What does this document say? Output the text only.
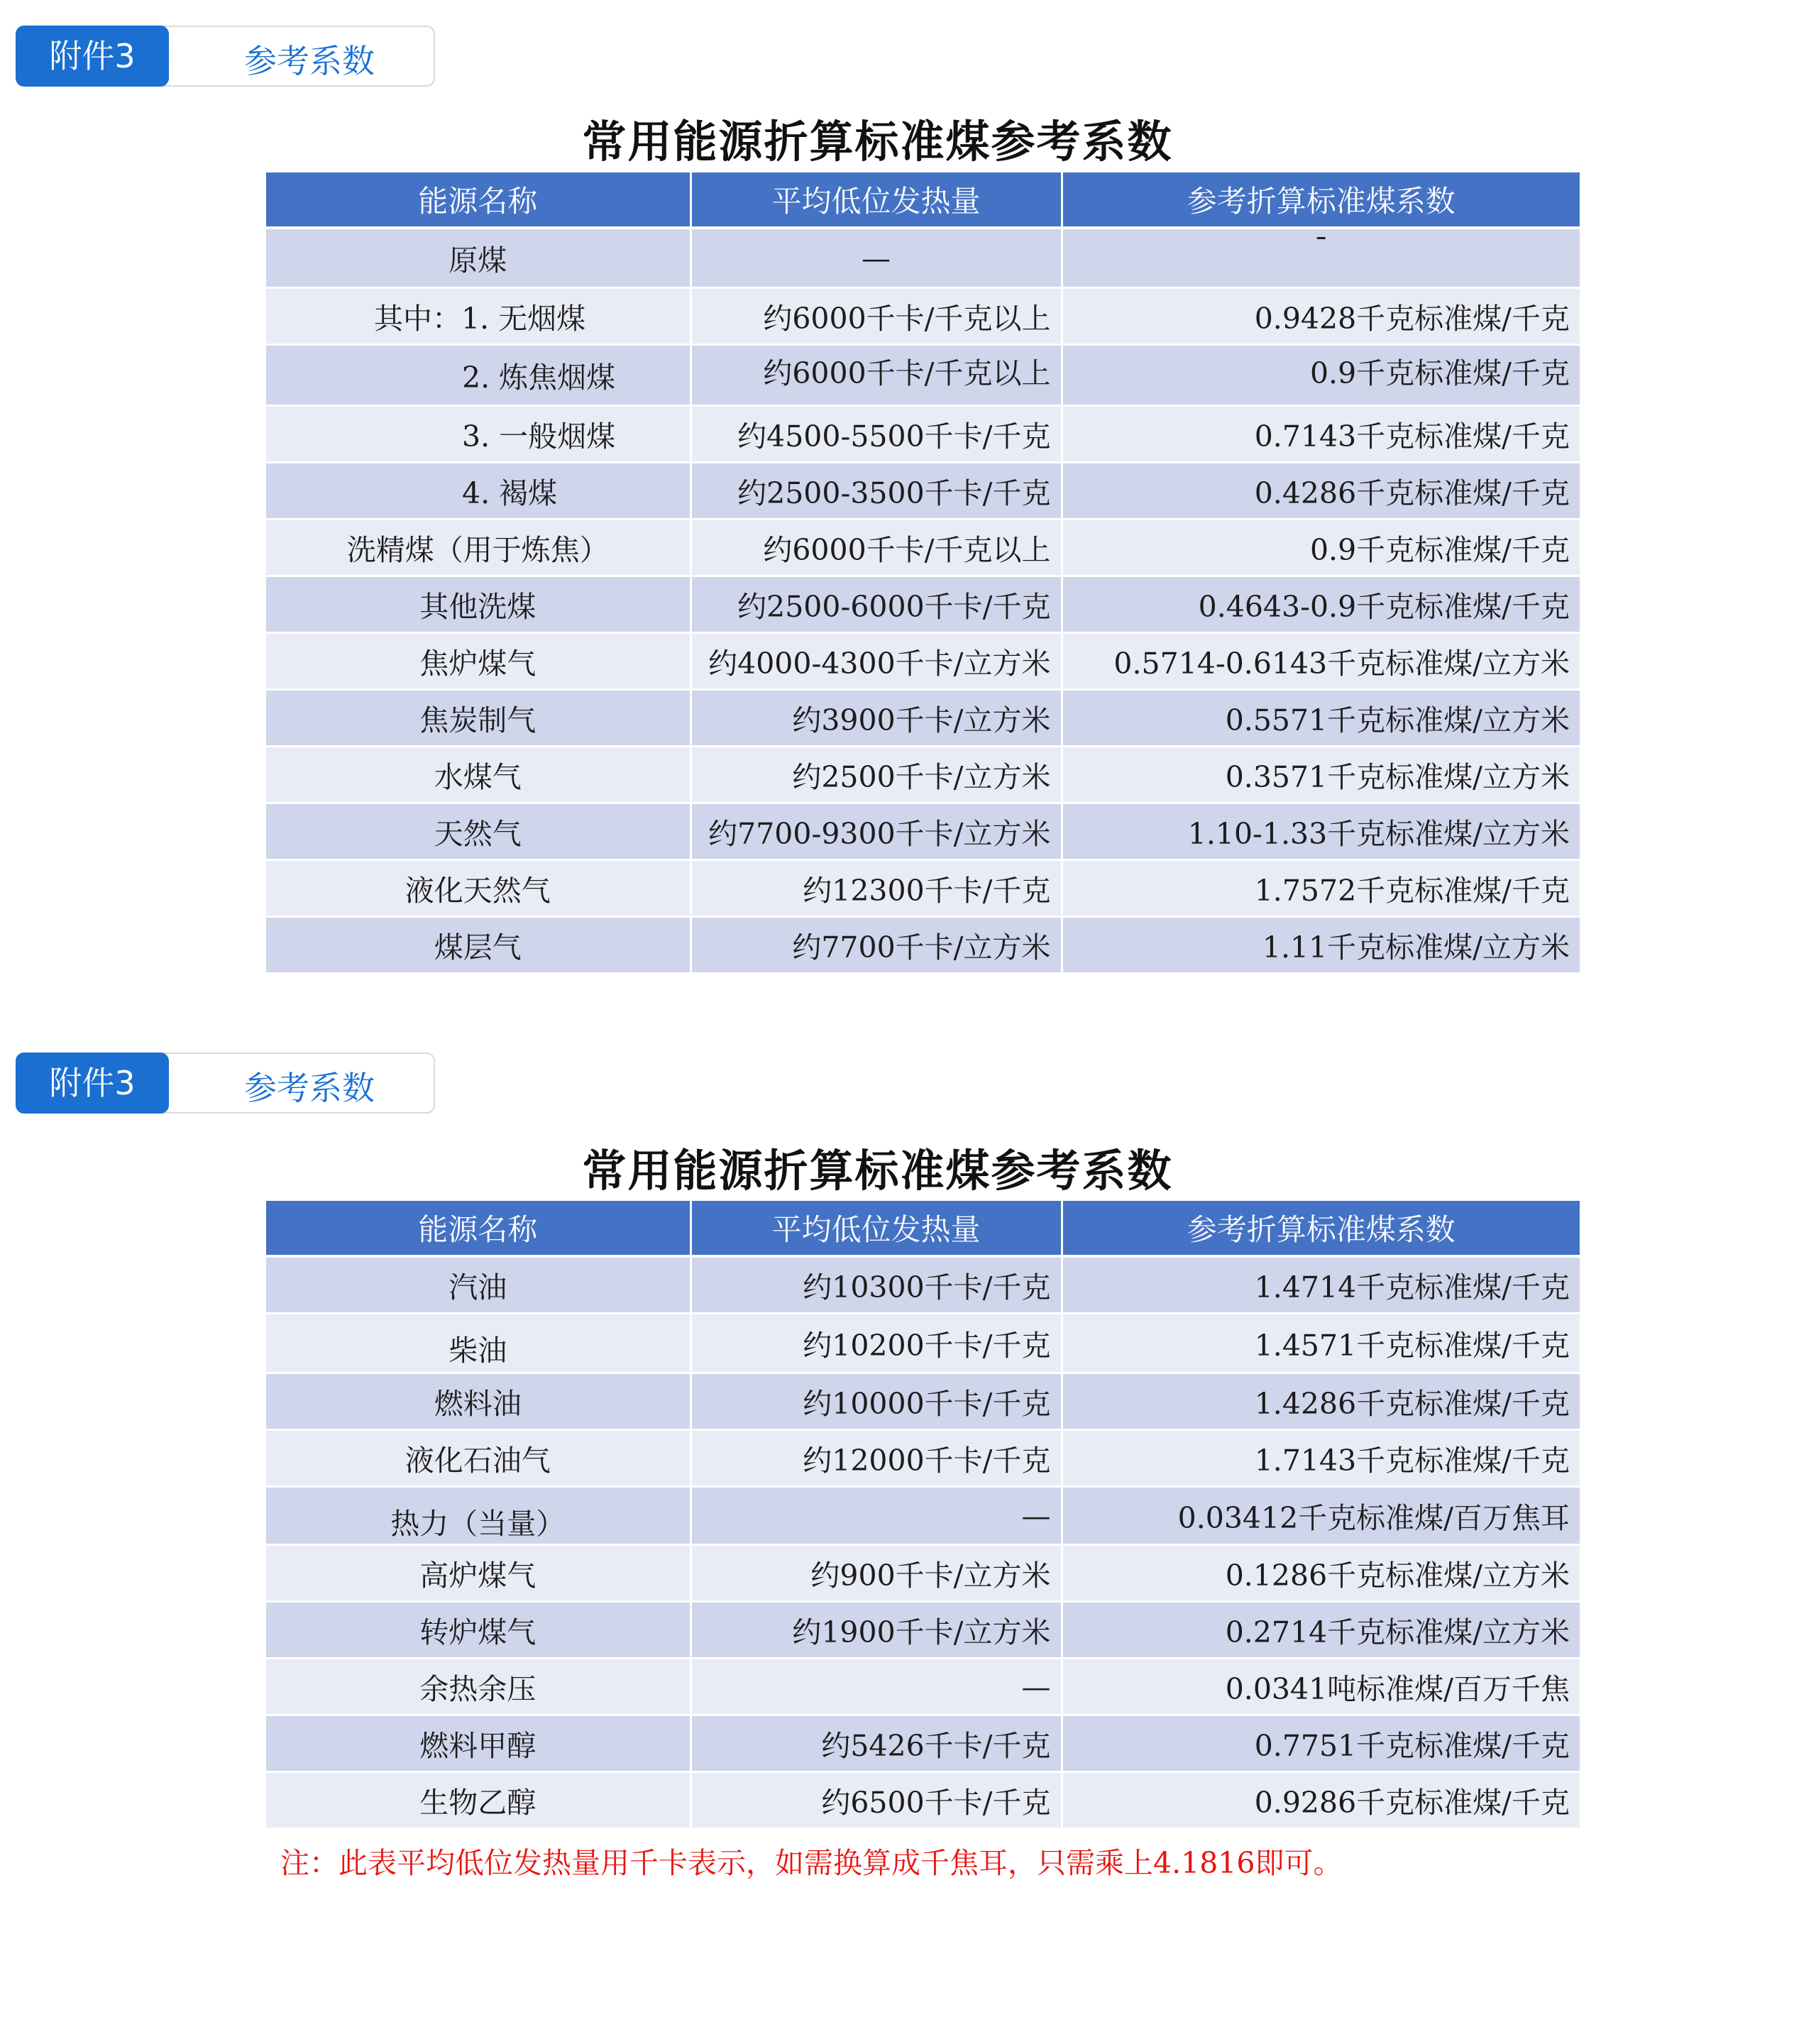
附件3	参考系数
常用能源折算标准煤参考系数
能源名称	平均低位发热量	参考折算标准煤系数
原煤	—	¯
其中：1. 无烟煤	约6000千卡/千克以上	0.9428千克标准煤/千克
2. 炼焦烟煤	约6000千卡/千克以上	0.9千克标准煤/千克
3. 一般烟煤	约4500-5500千卡/千克	0.7143千克标准煤/千克
4. 褐煤	约2500-3500千卡/千克	0.4286千克标准煤/千克
洗精煤（用于炼焦）	约6000千卡/千克以上	0.9千克标准煤/千克
其他洗煤	约2500-6000千卡/千克	0.4643-0.9千克标准煤/千克
焦炉煤气	约4000-4300千卡/立方米	0.5714-0.6143千克标准煤/立方米
焦炭制气	约3900千卡/立方米	0.5571千克标准煤/立方米
水煤气	约2500千卡/立方米	0.3571千克标准煤/立方米
天然气	约7700-9300千卡/立方米	1.10-1.33千克标准煤/立方米
液化天然气	约12300千卡/千克	1.7572千克标准煤/千克
煤层气	约7700千卡/立方米	1.11千克标准煤/立方米
附件3	参考系数
常用能源折算标准煤参考系数
能源名称	平均低位发热量	参考折算标准煤系数
汽油	约10300千卡/千克	1.4714千克标准煤/千克
柴油	约10200千卡/千克	1.4571千克标准煤/千克
燃料油	约10000千卡/千克	1.4286千克标准煤/千克
液化石油气	约12000千卡/千克	1.7143千克标准煤/千克
热力（当量）	—	0.03412千克标准煤/百万焦耳
高炉煤气	约900千卡/立方米	0.1286千克标准煤/立方米
转炉煤气	约1900千卡/立方米	0.2714千克标准煤/立方米
余热余压	—	0.0341吨标准煤/百万千焦
燃料甲醇	约5426千卡/千克	0.7751千克标准煤/千克
生物乙醇	约6500千卡/千克	0.9286千克标准煤/千克
注：此表平均低位发热量用千卡表示，如需换算成千焦耳，只需乘上4.1816即可。
